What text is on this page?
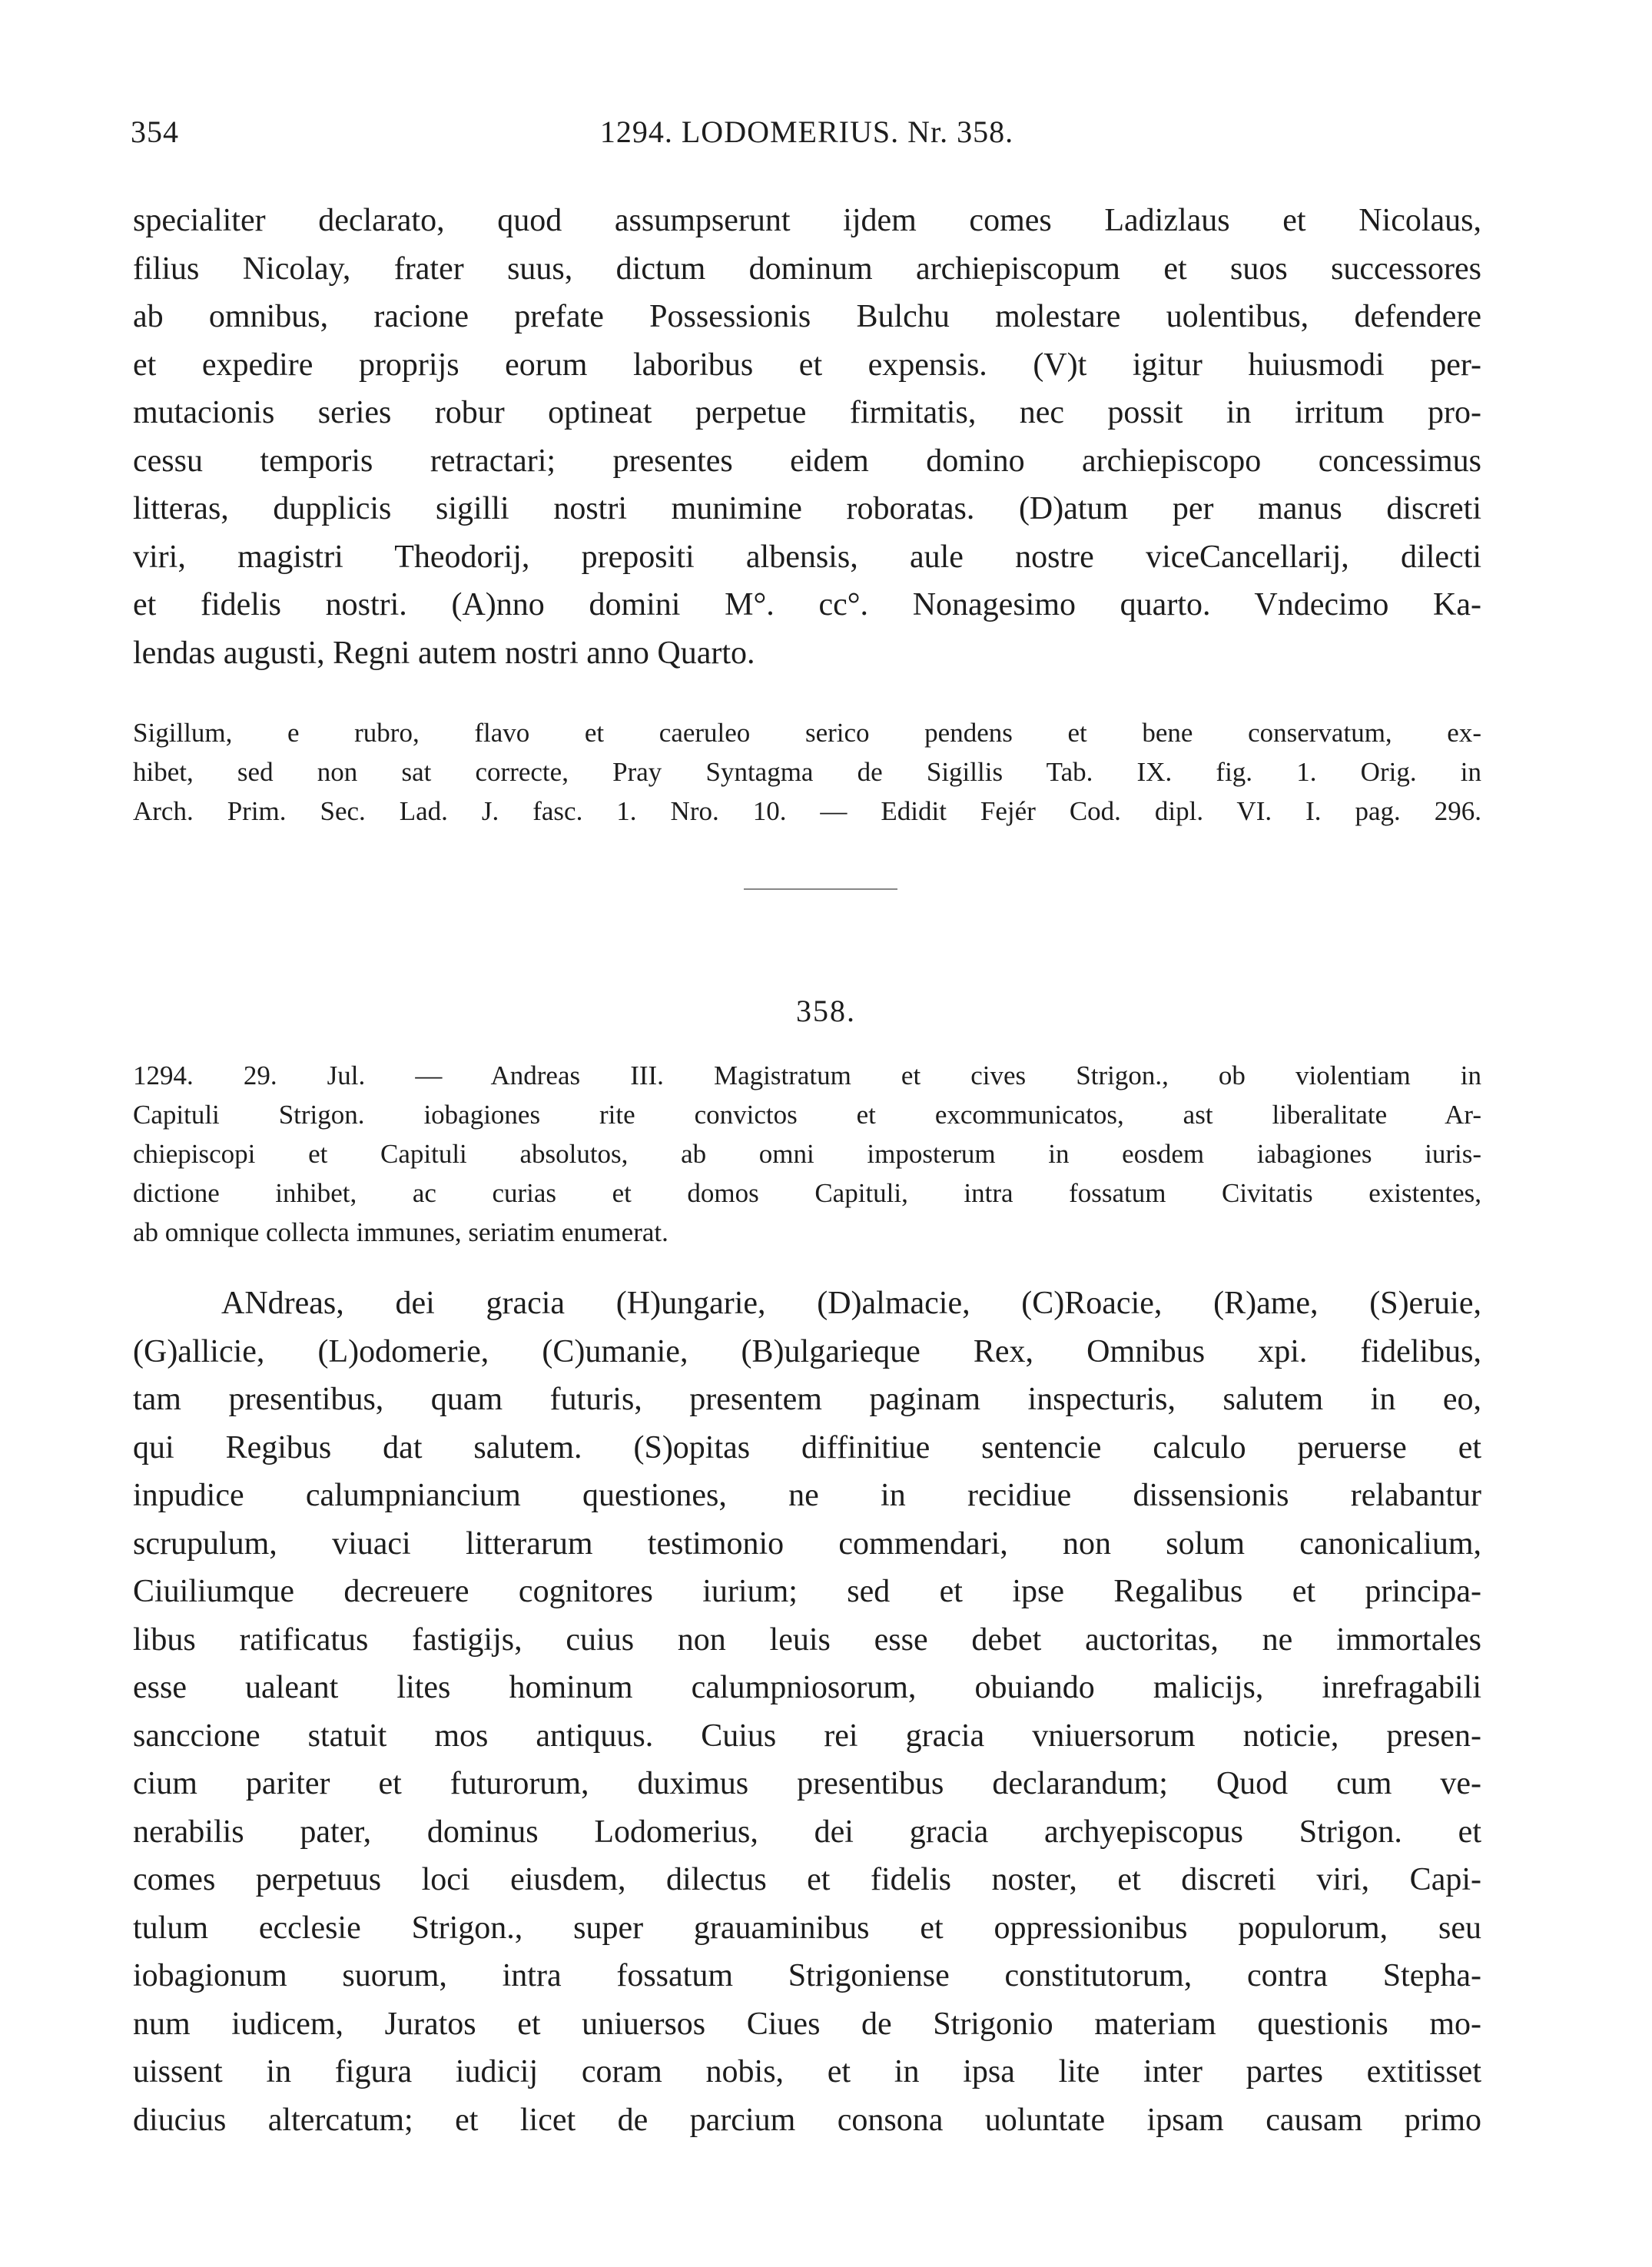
354	1294. LODOMERIUS. Nr. 358.
specialiter declarato, quod assumpserunt ijdem comes Ladizlaus et Nicolaus,
filius Nicolay, frater suus, dictum dominum archiepiscopum et suos successores
ab omnibus, racione prefate Possessionis Bulchu molestare uolentibus, defendere
et expedire proprijs eorum laboribus et expensis. (V)t igitur huiusmodi per-
mutacionis series robur optineat perpetue firmitatis, nec possit in irritum pro-
cessu temporis retractari; presentes eidem domino archiepiscopo concessimus
litteras, dupplicis sigilli nostri munimine roboratas. (D)atum per manus discreti
viri, magistri Theodorij, prepositi albensis, aule nostre viceCancellarij, dilecti
et fidelis nostri. (A)nno domini M°. cc°. Nonagesimo quarto. Vndecimo Ka-
lendas augusti, Regni autem nostri anno Quarto.
Sigillum, e rubro, flavo et caeruleo serico pendens et bene conservatum, ex-
hibet, sed non sat correcte, Pray Syntagma de Sigillis Tab. IX. fig. 1. Orig. in
Arch. Prim. Sec. Lad. J. fasc. 1. Nro. 10. — Edidit Fejér Cod. dipl. VI. I. pag. 296.
358.
1294. 29. Jul. — Andreas III. Magistratum et cives Strigon., ob violentiam in
Capituli Strigon. iobagiones rite convictos et excommunicatos, ast liberalitate Ar-
chiepiscopi et Capituli absolutos, ab omni imposterum in eosdem iabagiones iuris-
dictione inhibet, ac curias et domos Capituli, intra fossatum Civitatis existentes,
ab omnique collecta immunes, seriatim enumerat.
ANdreas, dei gracia (H)ungarie, (D)almacie, (C)Roacie, (R)ame, (S)eruie,
(G)allicie, (L)odomerie, (C)umanie, (B)ulgarieque Rex, Omnibus xpi. fidelibus,
tam presentibus, quam futuris, presentem paginam inspecturis, salutem in eo,
qui Regibus dat salutem. (S)opitas diffinitiue sentencie calculo peruerse et
inpudice calumpniancium questiones, ne in recidiue dissensionis relabantur
scrupulum, viuaci litterarum testimonio commendari, non solum canonicalium,
Ciuiliumque decreuere cognitores iurium; sed et ipse Regalibus et principa-
libus ratificatus fastigijs, cuius non leuis esse debet auctoritas, ne immortales
esse ualeant lites hominum calumpniosorum, obuiando malicijs, inrefragabili
sanccione statuit mos antiquus. Cuius rei gracia vniuersorum noticie, presen-
cium pariter et futurorum, duximus presentibus declarandum; Quod cum ve-
nerabilis pater, dominus Lodomerius, dei gracia archyepiscopus Strigon. et
comes perpetuus loci eiusdem, dilectus et fidelis noster, et discreti viri, Capi-
tulum ecclesie Strigon., super grauaminibus et oppressionibus populorum, seu
iobagionum suorum, intra fossatum Strigoniense constitutorum, contra Stepha-
num iudicem, Juratos et uniuersos Ciues de Strigonio materiam questionis mo-
uissent in figura iudicij coram nobis, et in ipsa lite inter partes extitisset
diucius altercatum; et licet de parcium consona uoluntate ipsam causam primo
